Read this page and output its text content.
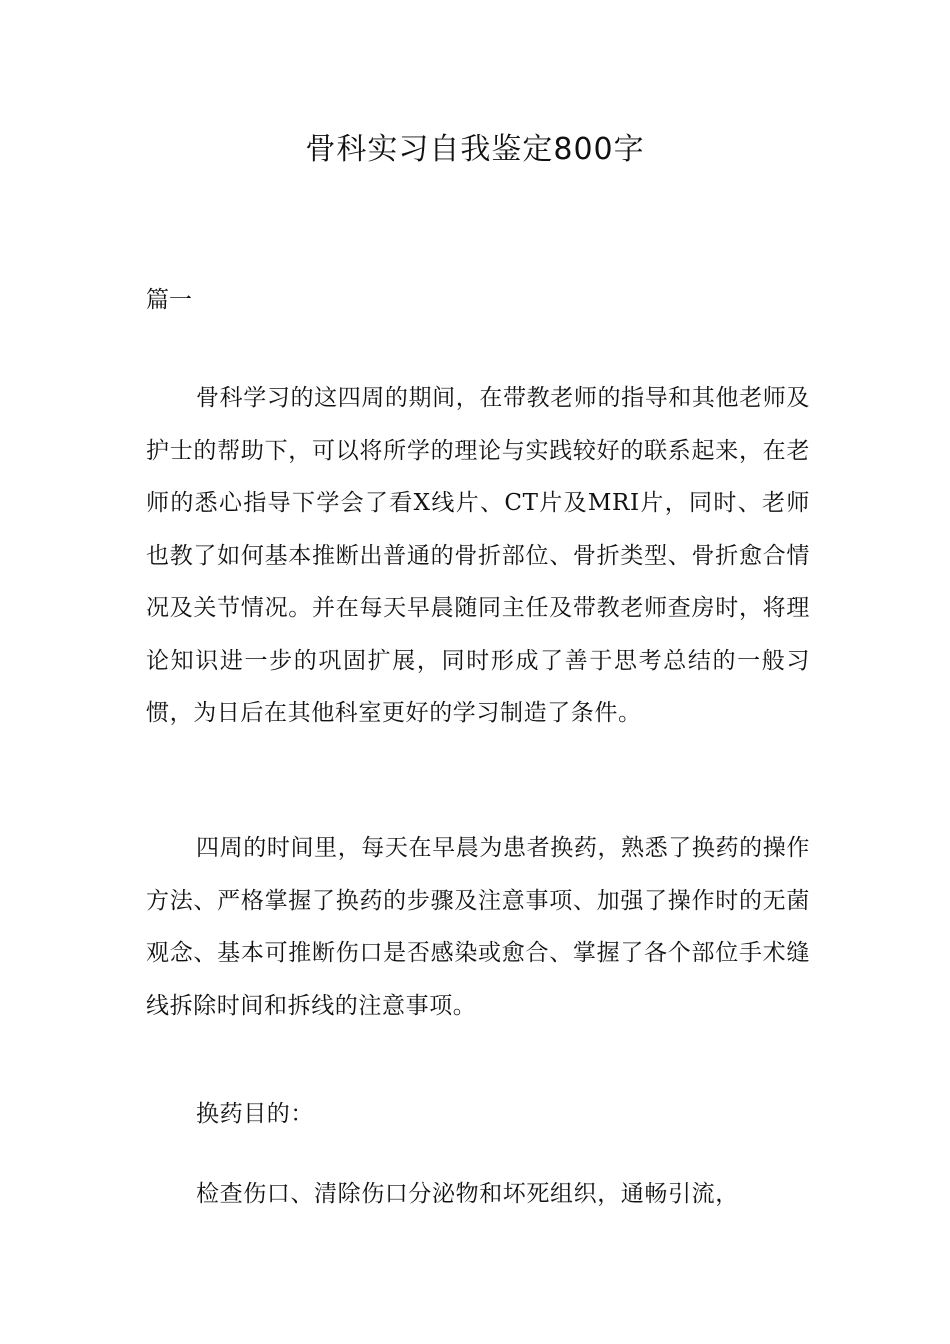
骨科实习自我鉴定800字

篇一

骨科学习的这四周的期间，在带教老师的指导和其他老师及护士的帮助下，可以将所学的理论与实践较好的联系起来，在老师的悉心指导下学会了看X线片、CT片及MRI片，同时、老师也教了如何基本推断出普通的骨折部位、骨折类型、骨折愈合情况及关节情况。并在每天早晨随同主任及带教老师查房时，将理论知识进一步的巩固扩展，同时形成了善于思考总结的一般习惯，为日后在其他科室更好的学习制造了条件。

四周的时间里，每天在早晨为患者换药，熟悉了换药的操作方法、严格掌握了换药的步骤及注意事项、加强了操作时的无菌观念、基本可推断伤口是否感染或愈合、掌握了各个部位手术缝线拆除时间和拆线的注意事项。

换药目的：

检查伤口、清除伤口分泌物和坏死组织，通畅引流，
